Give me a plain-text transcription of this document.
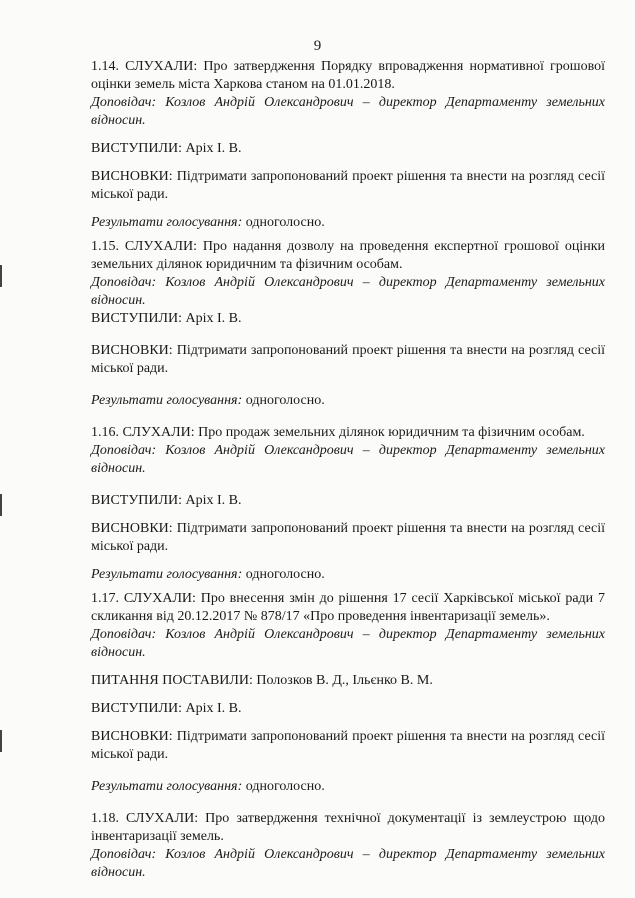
9

1.14. СЛУХАЛИ: Про затвердження Порядку впровадження нормативної грошової оцінки земель міста Харкова станом на 01.01.2018.

Доповідач: Козлов Андрій Олександрович – директор Департаменту земельних відносин.

ВИСТУПИЛИ: Аріх І. В.

ВИСНОВКИ: Підтримати запропонований проект рішення та внести на розгляд сесії міської ради.

Результати голосування: одноголосно.

1.15. СЛУХАЛИ: Про надання дозволу на проведення експертної грошової оцінки земельних ділянок юридичним та фізичним особам.

Доповідач: Козлов Андрій Олександрович – директор Департаменту земельних відносин.

ВИСТУПИЛИ: Аріх І. В.

ВИСНОВКИ: Підтримати запропонований проект рішення та внести на розгляд сесії міської ради.

Результати голосування: одноголосно.

1.16. СЛУХАЛИ: Про продаж земельних ділянок юридичним та фізичним особам.

Доповідач: Козлов Андрій Олександрович – директор Департаменту земельних відносин.

ВИСТУПИЛИ: Аріх І. В.

ВИСНОВКИ: Підтримати запропонований проект рішення та внести на розгляд сесії міської ради.

Результати голосування: одноголосно.

1.17. СЛУХАЛИ: Про внесення змін до рішення 17 сесії Харківської міської ради 7 скликання від 20.12.2017 № 878/17 «Про проведення інвентаризації земель».

Доповідач: Козлов Андрій Олександрович – директор Департаменту земельних відносин.

ПИТАННЯ ПОСТАВИЛИ: Полозков В. Д., Ільєнко В. М.

ВИСТУПИЛИ: Аріх І. В.

ВИСНОВКИ: Підтримати запропонований проект рішення та внести на розгляд сесії міської ради.

Результати голосування: одноголосно.

1.18. СЛУХАЛИ: Про затвердження технічної документації із землеустрою щодо інвентаризації земель.

Доповідач: Козлов Андрій Олександрович – директор Департаменту земельних відносин.
